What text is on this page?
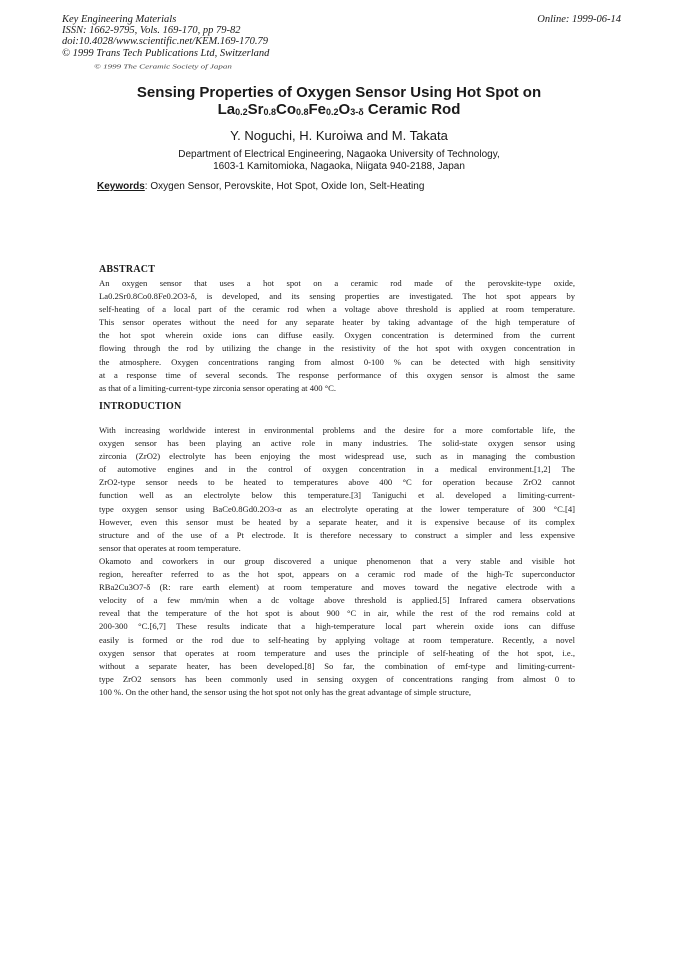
Key Engineering Materials
ISSN: 1662-9795, Vols. 169-170, pp 79-82
doi:10.4028/www.scientific.net/KEM.169-170.79
© 1999 Trans Tech Publications Ltd, Switzerland
Online: 1999-06-14
© 1999 The Ceramic Society of Japan
Sensing Properties of Oxygen Sensor Using Hot Spot on
$La_{0.2}Sr_{0.8}Co_{0.8}Fe_{0.2}O_{3-\delta}$ Ceramic Rod
Y. Noguchi, H. Kuroiwa and M. Takata
Department of Electrical Engineering, Nagaoka University of Technology,
1603-1 Kamitomioka, Nagaoka, Niigata 940-2188, Japan
Keywords: Oxygen Sensor, Perovskite, Hot Spot, Oxide Ion, Selt-Heating
ABSTRACT
An oxygen sensor that uses a hot spot on a ceramic rod made of the perovskite-type oxide,
La0.2Sr0.8Co0.8Fe0.2O3-δ, is developed, and its sensing properties are investigated. The hot spot appears by
self-heating of a local part of the ceramic rod when a voltage above threshold is applied at room temperature.
This sensor operates without the need for any separate heater by taking advantage of the high temperature of
the hot spot wherein oxide ions can diffuse easily. Oxygen concentration is determined from the current
flowing through the rod by utilizing the change in the resistivity of the hot spot with oxygen concentration in
the atmosphere. Oxygen concentrations ranging from almost 0-100 % can be detected with high sensitivity
at a response time of several seconds. The response performance of this oxygen sensor is almost the same
as that of a limiting-current-type zirconia sensor operating at 400 °C.
INTRODUCTION
With increasing worldwide interest in environmental problems and the desire for a more comfortable life, the
oxygen sensor has been playing an active role in many industries. The solid-state oxygen sensor using
zirconia (ZrO2) electrolyte has been enjoying the most widespread use, such as in managing the combustion
of automotive engines and in the control of oxygen concentration in a medical environment.[1,2] The
ZrO2-type sensor needs to be heated to temperatures above 400 °C for operation because ZrO2 cannot
function well as an electrolyte below this temperature.[3] Taniguchi et al. developed a limiting-current-
type oxygen sensor using BaCe0.8Gd0.2O3-α as an electrolyte operating at the lower temperature of 300 °C.[4]
However, even this sensor must be heated by a separate heater, and it is expensive because of its complex
structure and of the use of a Pt electrode. It is therefore necessary to construct a simpler and less expensive
sensor that operates at room temperature.
Okamoto and coworkers in our group discovered a unique phenomenon that a very stable and visible hot
region, hereafter referred to as the hot spot, appears on a ceramic rod made of the high-Tc superconductor
RBa2Cu3O7-δ (R: rare earth element) at room temperature and moves toward the negative electrode with a
velocity of a few mm/min when a dc voltage above threshold is applied.[5] Infrared camera observations
reveal that the temperature of the hot spot is about 900 °C in air, while the rest of the rod remains cold at
200-300 °C.[6,7] These results indicate that a high-temperature local part wherein oxide ions can diffuse
easily is formed or the rod due to self-heating by applying voltage at room temperature. Recently, a novel
oxygen sensor that operates at room temperature and uses the principle of self-heating of the hot spot, i.e.,
without a separate heater, has been developed.[8] So far, the combination of emf-type and limiting-current-
type ZrO2 sensors has been commonly used in sensing oxygen of concentrations ranging from almost 0 to
100 %. On the other hand, the sensor using the hot spot not only has the great advantage of simple structure,
